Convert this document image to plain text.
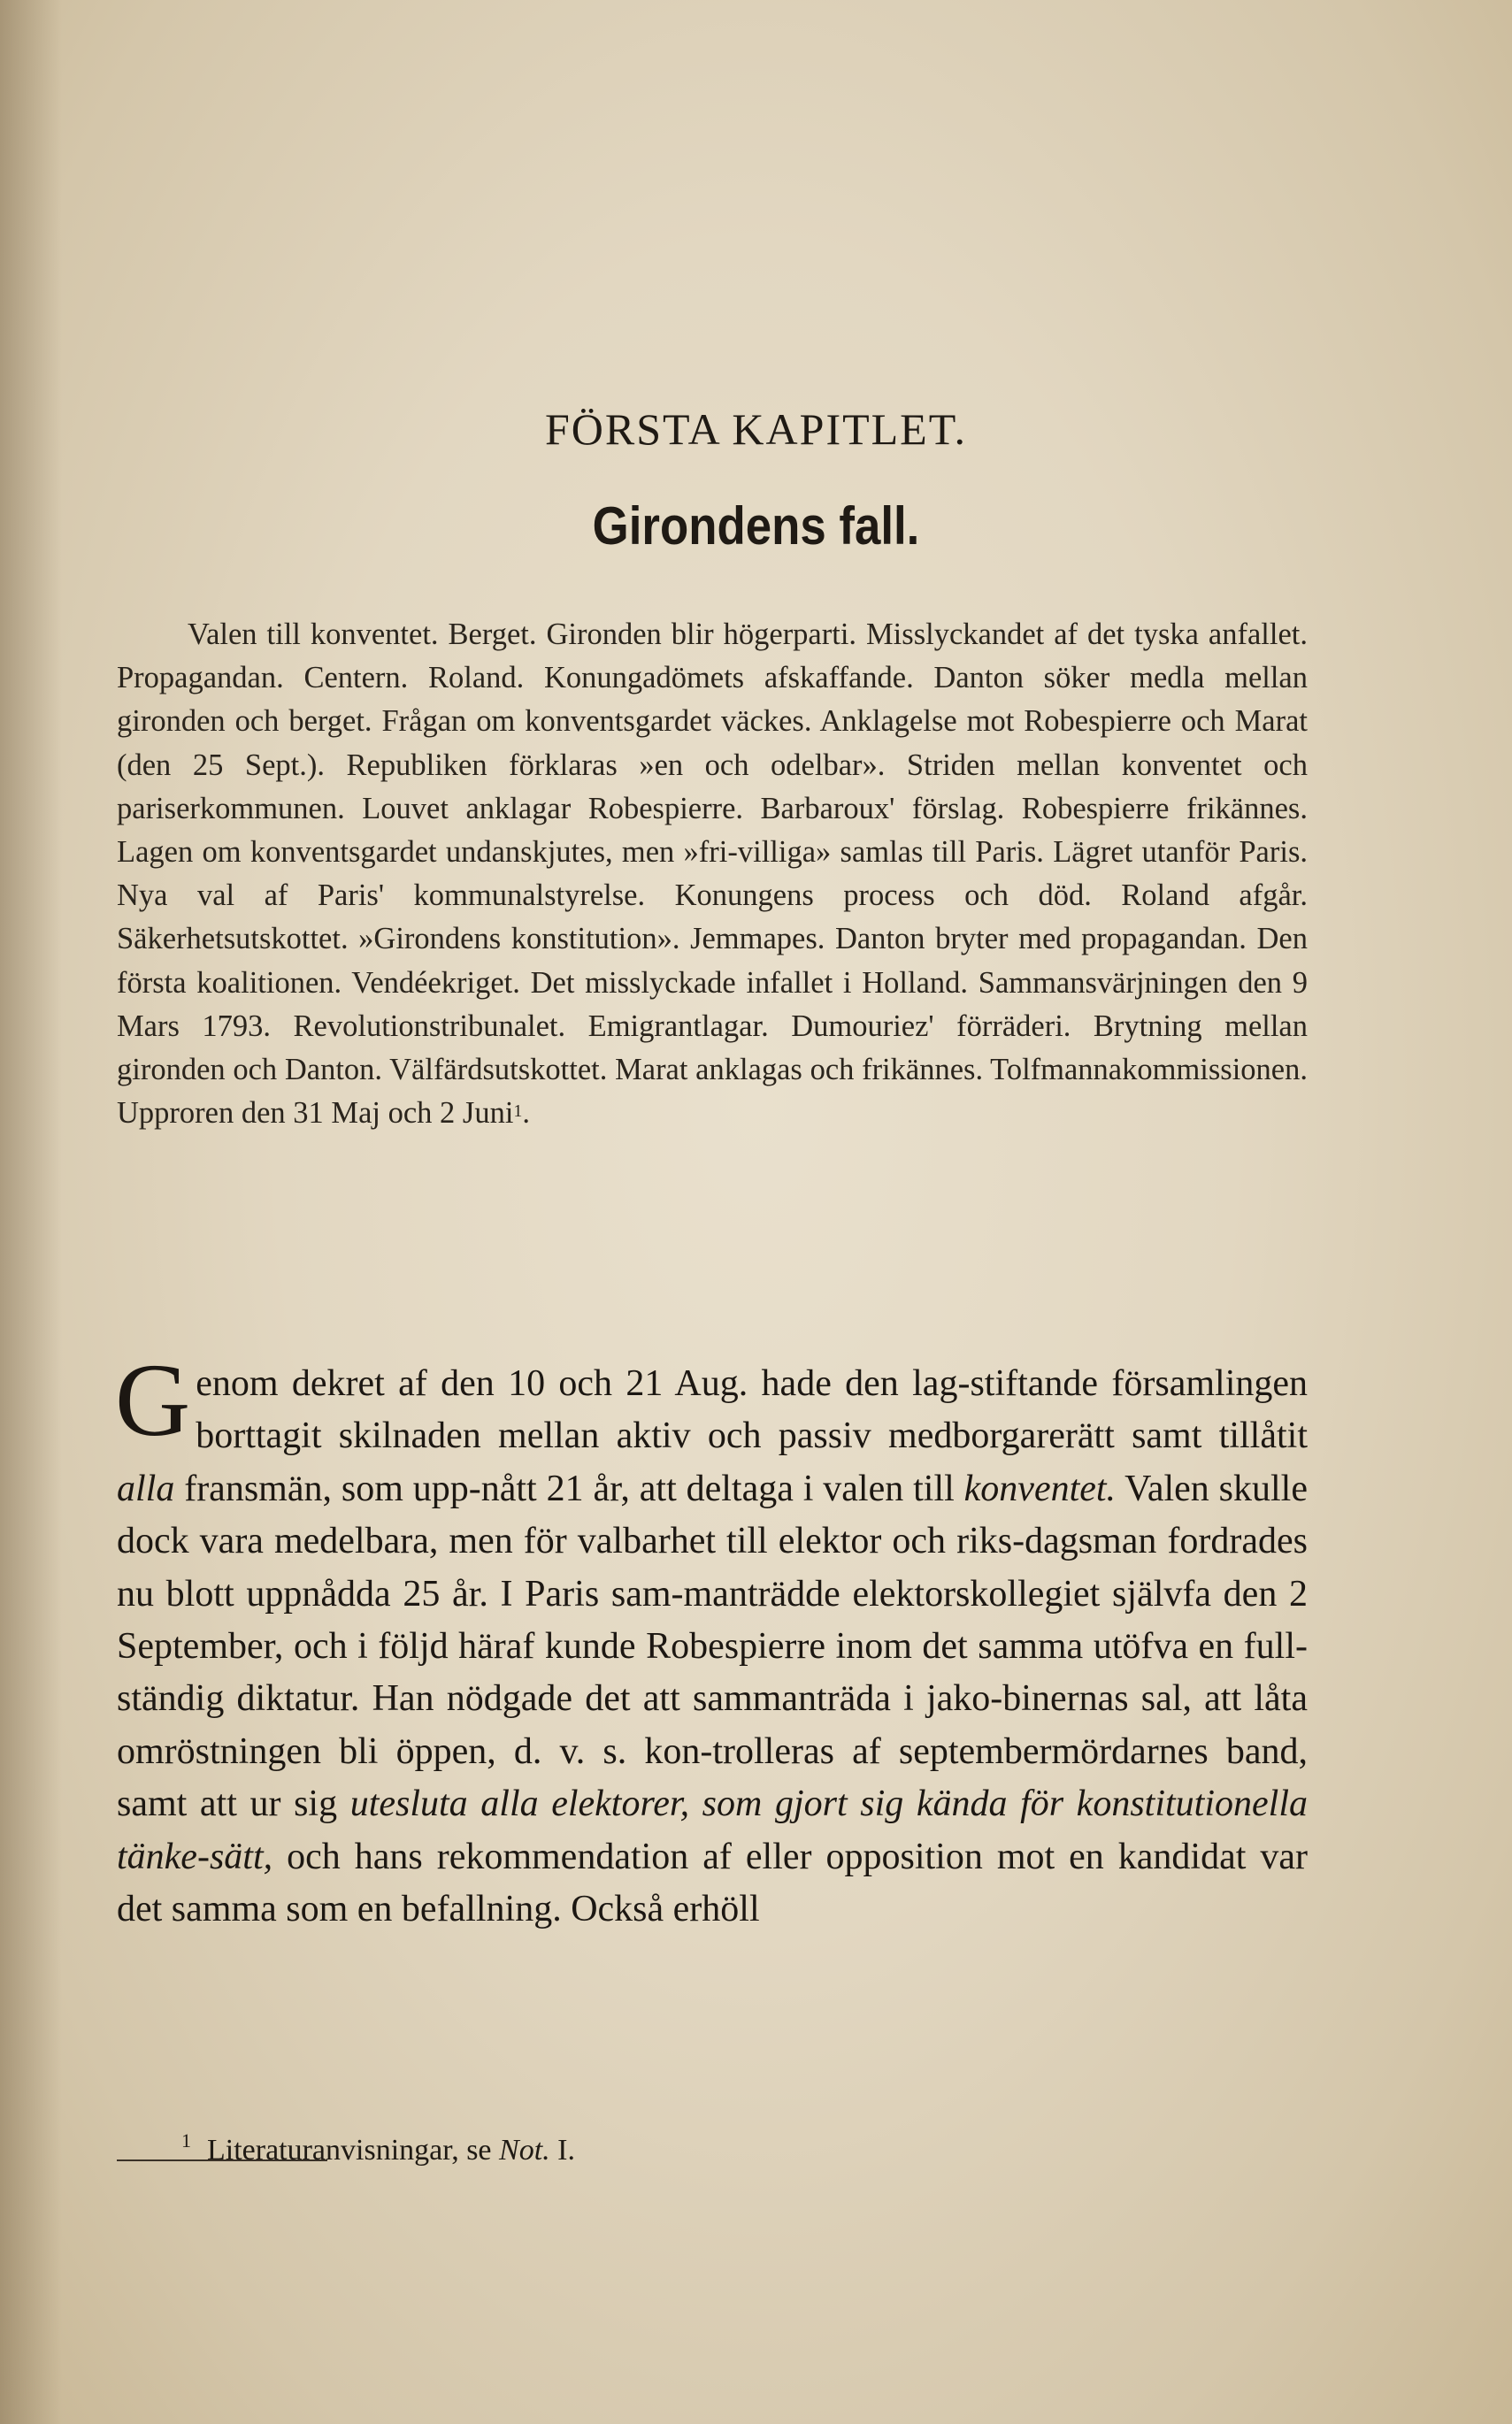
FÖRSTA KAPITLET.
Girondens fall.
Valen till konventet. Berget. Gironden blir högerparti. Misslyckandet af det tyska anfallet. Propagandan. Centern. Roland. Konungadömets afskaffande. Danton söker medla mellan gironden och berget. Frågan om konventsgardet väckes. Anklagelse mot Robespierre och Marat (den 25 Sept.). Republiken förklaras »en och odelbar». Striden mellan konventet och pariserkommunen. Louvet anklagar Robespierre. Barbaroux' förslag. Robespierre frikännes. Lagen om konventsgardet undanskjutes, men »fri-villiga» samlas till Paris. Lägret utanför Paris. Nya val af Paris' kommunalstyrelse. Konungens process och död. Roland afgår. Säkerhetsutskottet. »Girondens konstitution». Jemmapes. Danton bryter med propagandan. Den första koalitionen. Vendéekriget. Det misslyckade infallet i Holland. Sammansvärjningen den 9 Mars 1793. Revolutionstribunalet. Emigrantlagar. Dumouriez' förräderi. Brytning mellan gironden och Danton. Välfärdsutskottet. Marat anklagas och frikännes. Tolfmannakommissionen. Upproren den 31 Maj och 2 Juni$^1$.
Genom dekret af den 10 och 21 Aug. hade den lag-stiftande församlingen borttagit skilnaden mellan aktiv och passiv medborgarerätt samt tillåtit alla fransmän, som upp-nått 21 år, att deltaga i valen till konventet. Valen skulle dock vara medelbara, men för valbarhet till elektor och riks-dagsman fordrades nu blott uppnådda 25 år. I Paris sam-manträdde elektorskollegiet självfa den 2 September, och i följd häraf kunde Robespierre inom det samma utöfva en full-ständig diktatur. Han nödgade det att sammanträda i jako-binernas sal, att låta omröstningen bli öppen, d. v. s. kon-trolleras af septembermördarnes band, samt att ur sig utesluta alla elektorer, som gjort sig kända för konstitutionella tänke-sätt, och hans rekommendation af eller opposition mot en kandidat var det samma som en befallning. Också erhöll
$^1$ Literaturanvisningar, se Not. I.
